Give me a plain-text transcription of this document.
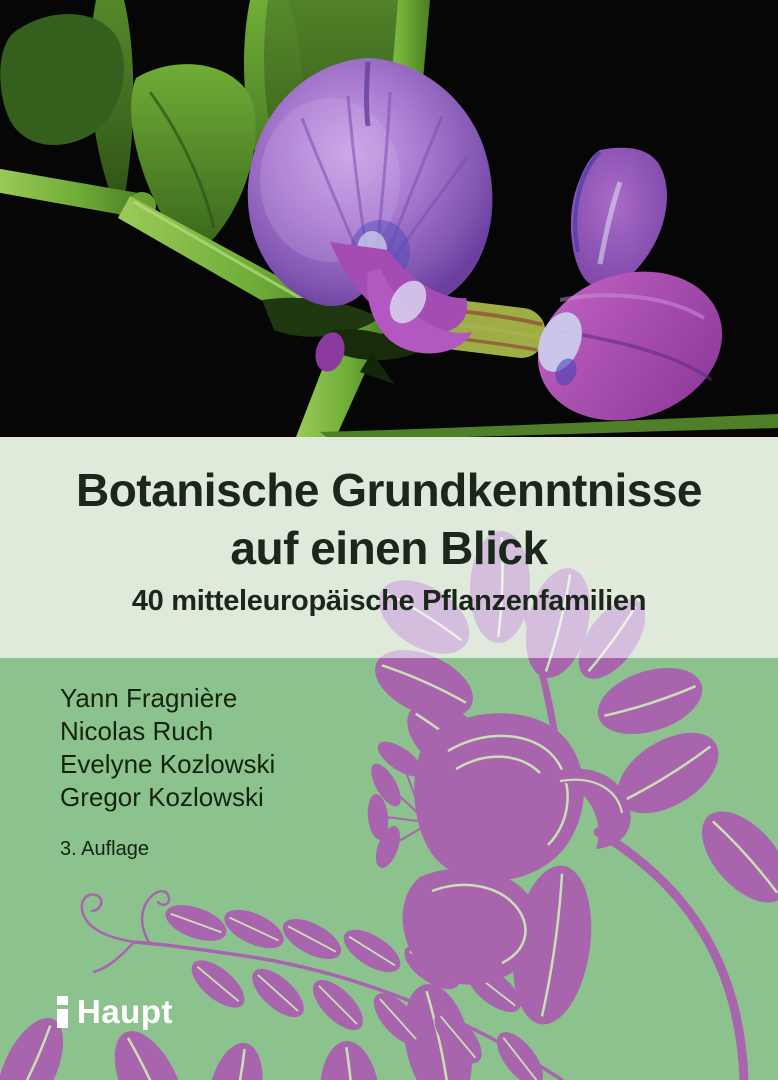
Botanische Grundkenntnisse
auf einen Blick
40 mitteleuropäische Pflanzenfamilien
Yann Fragnière
Nicolas Ruch
Evelyne Kozlowski
Gregor Kozlowski
3. Auflage
Haupt
